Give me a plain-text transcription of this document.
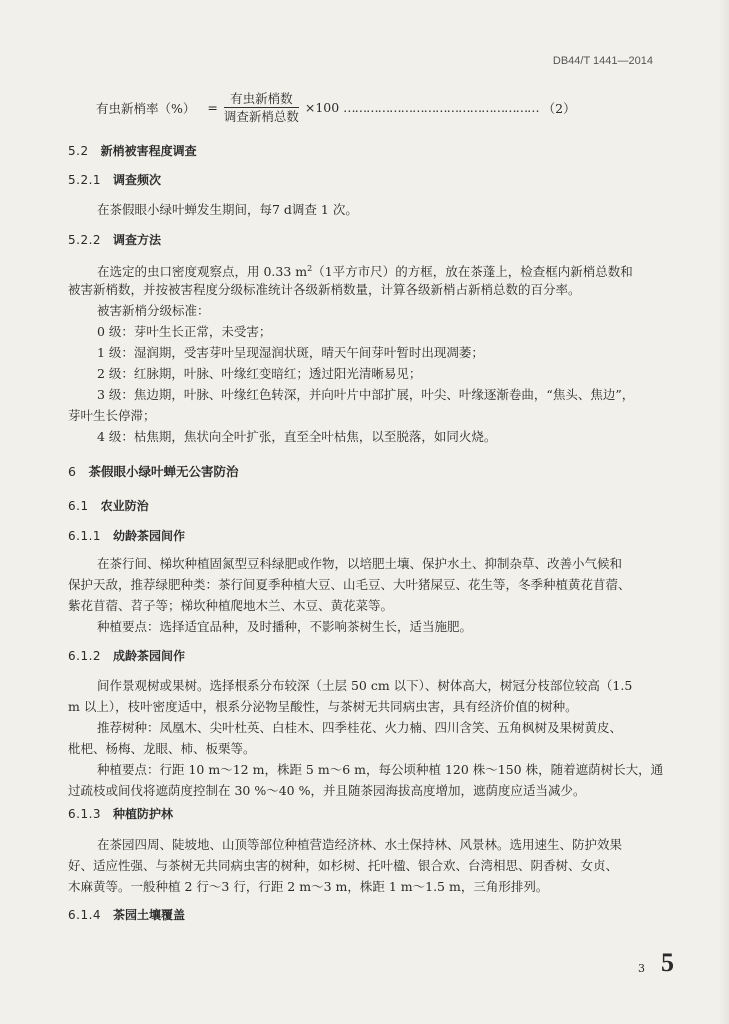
DB44/T 1441—2014
有虫新梢率（%） = $\frac{\text{有虫新梢数}}{\text{调查新梢总数}} \times 100$ …………………………………………… （2）
5.2 新梢被害程度调查
5.2.1 调查频次
在茶假眼小绿叶蝉发生期间，每7 d调查 1 次。
5.2.2 调查方法
在选定的虫口密度观察点，用 0.33 $m^2(1$平方市尺）的方框，放在茶蓬上，检查框内新梢总数和
被害新梢数，并按被害程度分级标准统计各级新梢数量，计算各级新梢占新梢总数的百分率。
被害新梢分级标准：
0 级：芽叶生长正常，未受害；
1 级：湿润期，受害芽叶呈现湿润状斑，晴天午间芽叶暂时出现凋萎；
2 级：红脉期，叶脉、叶缘红变暗红；透过阳光清晰易见；
3 级：焦边期，叶脉、叶缘红色转深，并向叶片中部扩展，叶尖、叶缘逐渐卷曲，“焦头、焦边”，
芽叶生长停滞；
4 级：枯焦期，焦状向全叶扩张，直至全叶枯焦，以至脱落，如同火烧。
6 茶假眼小绿叶蝉无公害防治
6.1 农业防治
6.1.1 幼龄茶园间作
在茶行间、梯坎种植固氮型豆科绿肥或作物，以培肥土壤、保护水土、抑制杂草、改善小气候和
保护天敌，推荐绿肥种类：茶行间夏季种植大豆、山毛豆、大叶猪屎豆、花生等，冬季种植黄花苜蓿、
紫花苜蓿、苕子等；梯坎种植爬地木兰、木豆、黄花菜等。
种植要点：选择适宜品种，及时播种，不影响茶树生长，适当施肥。
6.1.2 成龄茶园间作
间作景观树或果树。选择根系分布较深（土层 50 cm 以下）、树体高大，树冠分枝部位较高（1.5
m 以上），枝叶密度适中，根系分泌物呈酸性，与茶树无共同病虫害，具有经济价值的树种。
推荐树种：凤凰木、尖叶杜英、白桂木、四季桂花、火力楠、四川含笑、五角枫树及果树黄皮、
枇杷、杨梅、龙眼、柿、板栗等。
种植要点：行距 10 m～12 m，株距 5 m～6 m，每公顷种植 120 株～150 株，随着遮荫树长大，通
过疏枝或间伐将遮荫度控制在 30 %～40 %，并且随茶园海拔高度增加，遮荫度应适当减少。
6.1.3 种植防护林
在茶园四周、陡坡地、山顶等部位种植营造经济林、水土保持林、风景林。选用速生、防护效果
好、适应性强、与茶树无共同病虫害的树种，如杉树、托叶楹、银合欢、台湾相思、阴香树、女贞、
木麻黄等。一般种植 2 行～3 行，行距 2 m～3 m，株距 1 m～1.5 m，三角形排列。
6.1.4 茶园土壤覆盖
3 5
